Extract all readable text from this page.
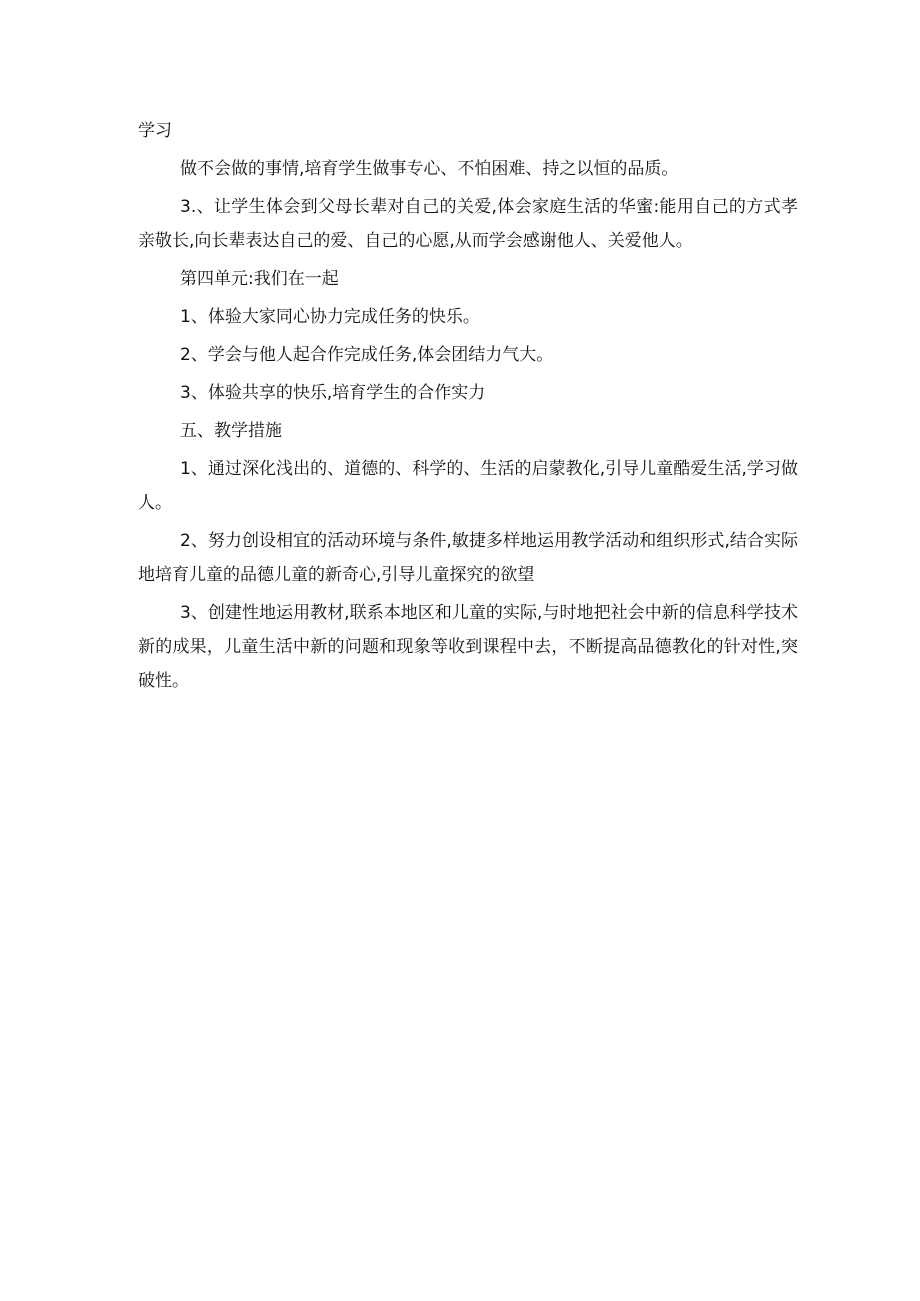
学习

做不会做的事情,培育学生做事专心、不怕困难、持之以恒的品质。

3.、让学生体会到父母长辈对自己的关爱,体会家庭生活的华蜜:能用自己的方式孝亲敬长,向长辈表达自己的爱、自己的心愿,从而学会感谢他人、关爱他人。

第四单元:我们在一起

1、体验大家同心协力完成任务的快乐。

2、学会与他人起合作完成任务,体会团结力气大。

3、体验共享的快乐,培育学生的合作实力

五、教学措施

1、通过深化浅出的、道德的、科学的、生活的启蒙教化,引导儿童酷爱生活,学习做人。

2、努力创设相宜的活动环境与条件,敏捷多样地运用教学活动和组织形式,结合实际地培育儿童的品德儿童的新奇心,引导儿童探究的欲望

3、创建性地运用教材,联系本地区和儿童的实际,与时地把社会中新的信息科学技术新的成果，儿童生活中新的问题和现象等收到课程中去，不断提高品德教化的针对性,突破性。
